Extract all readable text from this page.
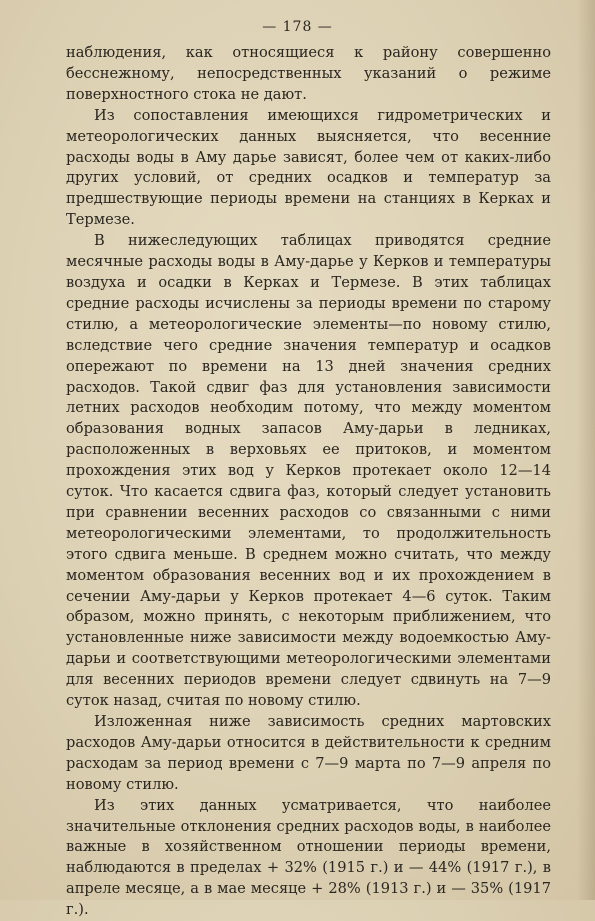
— 178 —

наблюдения, как относящиеся к району совершенно бесснежному, непосредственных указаний о режиме поверхностного стока не дают.

Из сопоставления имеющихся гидрометрических и метеорологических данных выясняется, что весенние расходы воды в Аму дарье зависят, более чем от каких-либо других условий, от средних осадков и температур за предшествующие периоды времени на станциях в Керках и Термезе.

В нижеследующих таблицах приводятся средние месячные расходы воды в Аму-дарье у Керков и температуры воздуха и осадки в Керках и Термезе. В этих таблицах средние расходы исчислены за периоды времени по старому стилю, а метеорологические элементы—по новому стилю, вследствие чего средние значения температур и осадков опережают по времени на 13 дней значения средних расходов. Такой сдвиг фаз для установления зависимости летних расходов необходим потому, что между моментом образования водных запасов Аму-дарьи в ледниках, расположенных в верховьях ее притоков, и моментом прохождения этих вод у Керков протекает около 12—14 суток. Что касается сдвига фаз, который следует установить при сравнении весенних расходов со связанными с ними метеорологическими элементами, то продолжительность этого сдвига меньше. В среднем можно считать, что между моментом образования весенних вод и их прохождением в сечении Аму-дарьи у Керков протекает 4—6 суток. Таким образом, можно принять, с некоторым приближением, что установленные ниже зависимости между водоемкостью Аму-дарьи и соответствующими метеорологическими элементами для весенних периодов времени следует сдвинуть на 7—9 суток назад, считая по новому стилю.

Изложенная ниже зависимость средних мартовских расходов Аму-дарьи относится в действительности к средним расходам за период времени с 7—9 марта по 7—9 апреля по новому стилю.

Из этих данных усматривается, что наиболее значительные отклонения средних расходов воды, в наиболее важные в хозяйственном отношении периоды времени, наблюдаются в пределах + 32% (1915 г.) и — 44% (1917 г.), в апреле месяце, а в мае месяце + 28% (1913 г.) и — 35% (1917 г.).
